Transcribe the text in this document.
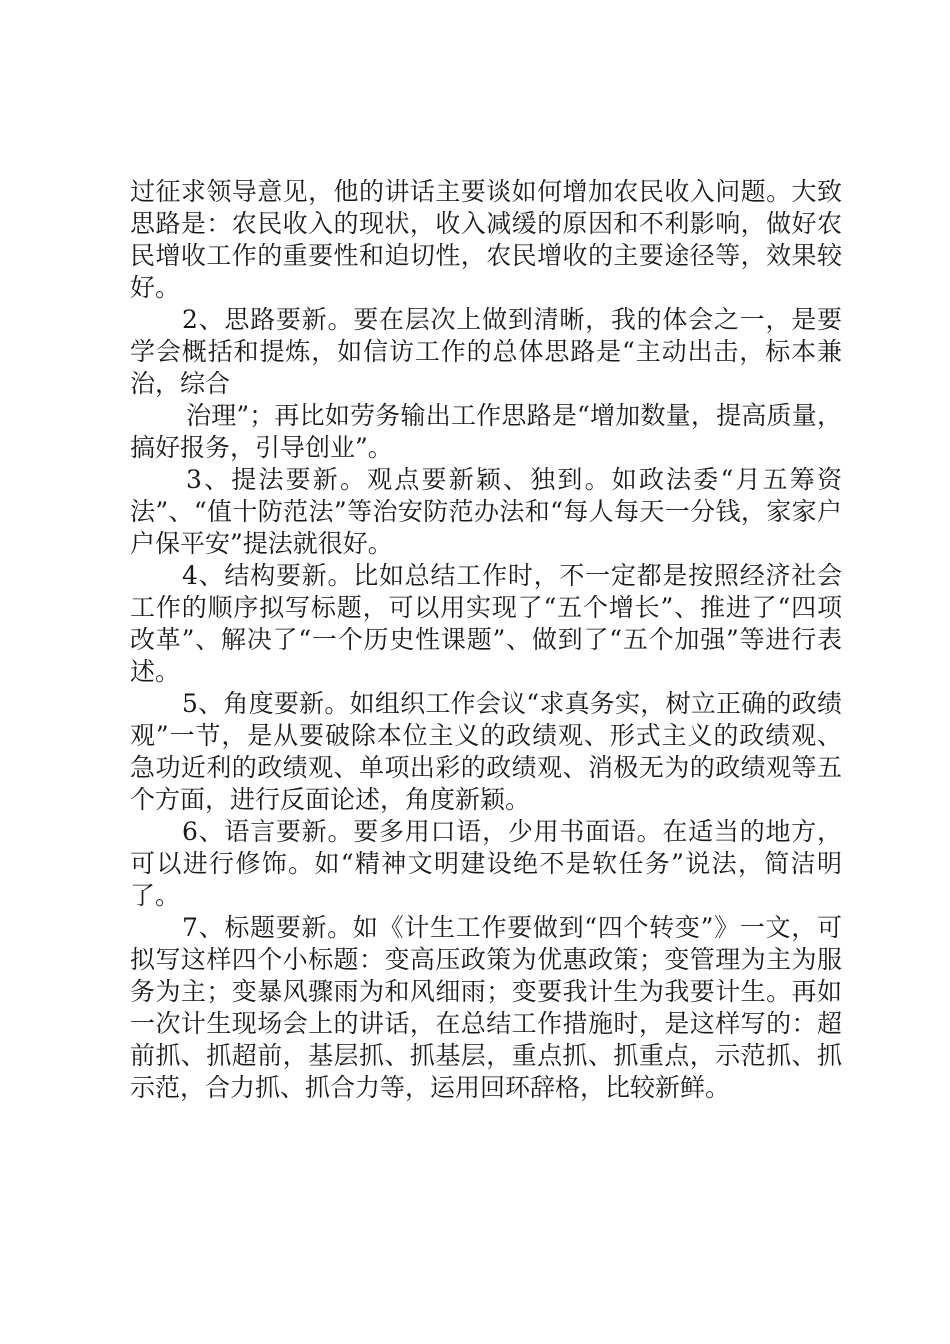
过征求领导意见，他的讲话主要谈如何增加农民收入问题。大致思路是：农民收入的现状，收入减缓的原因和不利影响，做好农民增收工作的重要性和迫切性，农民增收的主要途径等，效果较好。

2、思路要新。要在层次上做到清晰，我的体会之一，是要学会概括和提炼，如信访工作的总体思路是“主动出击，标本兼治，综合

治理”；再比如劳务输出工作思路是“增加数量，提高质量，搞好报务，引导创业”。

3、提法要新。观点要新颖、独到。如政法委“月五筹资法”、“值十防范法”等治安防范办法和“每人每天一分钱，家家户户保平安”提法就很好。

4、结构要新。比如总结工作时，不一定都是按照经济社会工作的顺序拟写标题，可以用实现了“五个增长”、推进了“四项改革”、解决了“一个历史性课题”、做到了“五个加强”等进行表述。

5、角度要新。如组织工作会议“求真务实，树立正确的政绩观”一节，是从要破除本位主义的政绩观、形式主义的政绩观、急功近利的政绩观、单项出彩的政绩观、消极无为的政绩观等五个方面，进行反面论述，角度新颖。

6、语言要新。要多用口语，少用书面语。在适当的地方，可以进行修饰。如“精神文明建设绝不是软任务”说法，简洁明了。

7、标题要新。如《计生工作要做到“四个转变”》一文，可拟写这样四个小标题：变高压政策为优惠政策；变管理为主为服务为主；变暴风骤雨为和风细雨；变要我计生为我要计生。再如一次计生现场会上的讲话，在总结工作措施时，是这样写的：超前抓、抓超前，基层抓、抓基层，重点抓、抓重点，示范抓、抓示范，合力抓、抓合力等，运用回环辞格，比较新鲜。
